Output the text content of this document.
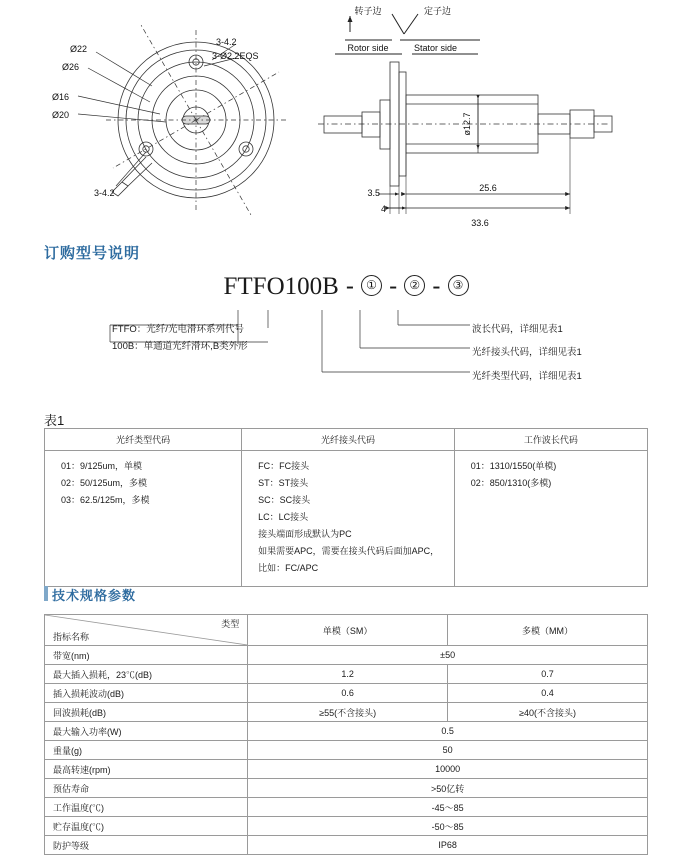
Ø22
Ø26
Ø16
Ø20
3-4.2
3-Ø2.2EQS
3-4.2	3.5
4
25.6
33.6
ø12.7
转子边
Rotor side
定子边
Stator side
订购型号说明
FTFO100B - ① - ② - ③
FTFO：光纤/光电滑环系列代号
100B：单通道光纤滑环,B类外形
波长代码，详细见表1
光纤接头代码，详细见表1
光纤类型代码，详细见表1
表1
光纤类型代码	光纤接头代码	工作波长代码

01：9/125um，单模
02：50/125um，多模
03：62.5/125m，多模

FC：FC接头
ST：ST接头
SC：SC接头
LC：LC接头
接头端面形成默认为PC
如果需要APC，需要在接头代码后面加APC，
比如：FC/APC

01：1310/1550(单模)
02：850/1310(多模)
技术规格参数
指标名称
类型	单模（SM）	多模（MM）
带宽(nm)	±50	
最大插入损耗，23℃(dB)	1.2	0.7
插入损耗波动(dB)	0.6	0.4
回波损耗(dB)	≥55(不含接头)	≥40(不含接头)
最大输入功率(W)	0.5	
重量(g)	50	
最高转速(rpm)	10000	
预估寿命	>50亿转	
工作温度(℃)	-45～85	
贮存温度(℃)	-50～85	
防护等级	IP68	
